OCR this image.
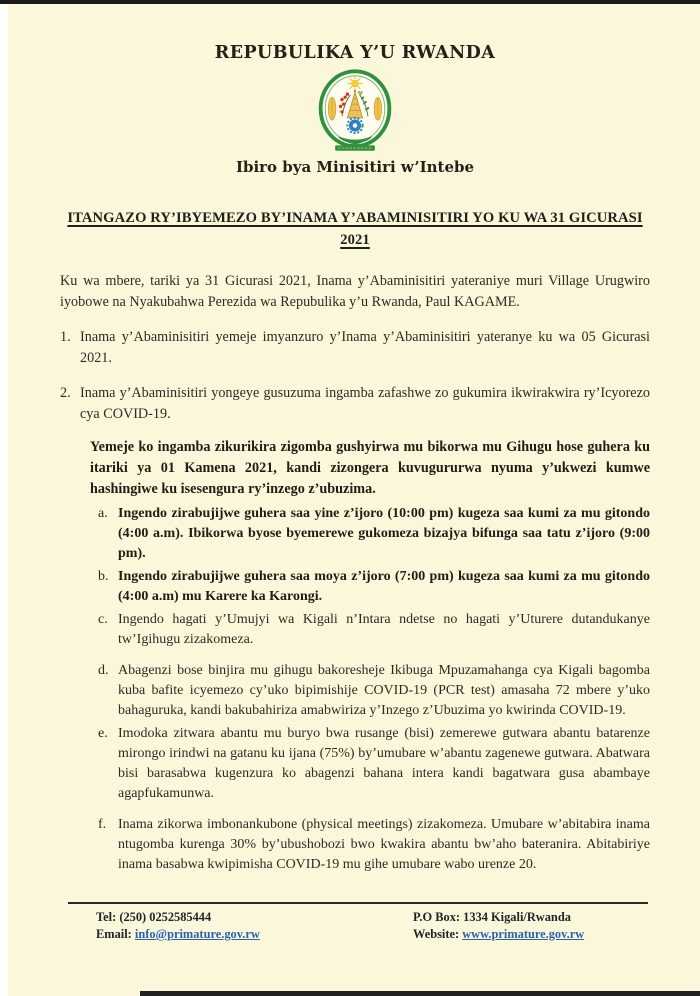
REPUBULIKA Y’U RWANDA
Ibiro bya Minisitiri w’Intebe
ITANGAZO RY’IBYEMEZO BY’INAMA Y’ABAMINISITIRI YO KU WA 31 GICURASI 2021

Ku wa mbere, tariki ya 31 Gicurasi 2021, Inama y’Abaminisitiri yateraniye muri Village Urugwiro iyobowe na Nyakubahwa Perezida wa Repubulika y’u Rwanda, Paul KAGAME.

1. Inama y’Abaminisitiri yemeje imyanzuro y’Inama y’Abaminisitiri yateranye ku wa 05 Gicurasi 2021.
2. Inama y’Abaminisitiri yongeye gusuzuma ingamba zafashwe zo gukumira ikwirakwira ry’Icyorezo cya COVID-19.

Yemeje ko ingamba zikurikira zigomba gushyirwa mu bikorwa mu Gihugu hose guhera ku itariki ya 01 Kamena 2021, kandi zizongera kuvugururwa nyuma y’ukwezi kumwe hashingiwe ku isesengura ry’inzego z’ubuzima.

a. Ingendo zirabujijwe guhera saa yine z’ijoro (10:00 pm) kugeza saa kumi za mu gitondo (4:00 a.m). Ibikorwa byose byemerewe gukomeza bizajya bifunga saa tatu z’ijoro (9:00 pm).
b. Ingendo zirabujijwe guhera saa moya z’ijoro (7:00 pm) kugeza saa kumi za mu gitondo (4:00 a.m) mu Karere ka Karongi.
c. Ingendo hagati y’Umujyi wa Kigali n’Intara ndetse no hagati y’Uturere dutandukanye tw’Igihugu zizakomeza.
d. Abagenzi bose binjira mu gihugu bakoresheje Ikibuga Mpuzamahanga cya Kigali bagomba kuba bafite icyemezo cy’uko bipimishije COVID-19 (PCR test) amasaha 72 mbere y’uko bahaguruka, kandi bakubahiriza amabwiriza y’Inzego z’Ubuzima yo kwirinda COVID-19.
e. Imodoka zitwara abantu mu buryo bwa rusange (bisi) zemerewe gutwara abantu batarenze mirongo irindwi na gatanu ku ijana (75%) by’umubare w’abantu zagenewe gutwara. Abatwara bisi barasabwa kugenzura ko abagenzi bahana intera kandi bagatwara gusa abambaye agapfukamunwa.
f. Inama zikorwa imbonankubone (physical meetings) zizakomeza. Umubare w’abitabira inama ntugomba kurenga 30% by’ubushobozi bwo kwakira abantu bw’aho bateranira. Abitabiriye inama basabwa kwipimisha COVID-19 mu gihe umubare wabo urenze 20.
Tel: (250) 0252585444
Email: info@primature.gov.rw
P.O Box: 1334 Kigali/Rwanda
Website: www.primature.gov.rw
